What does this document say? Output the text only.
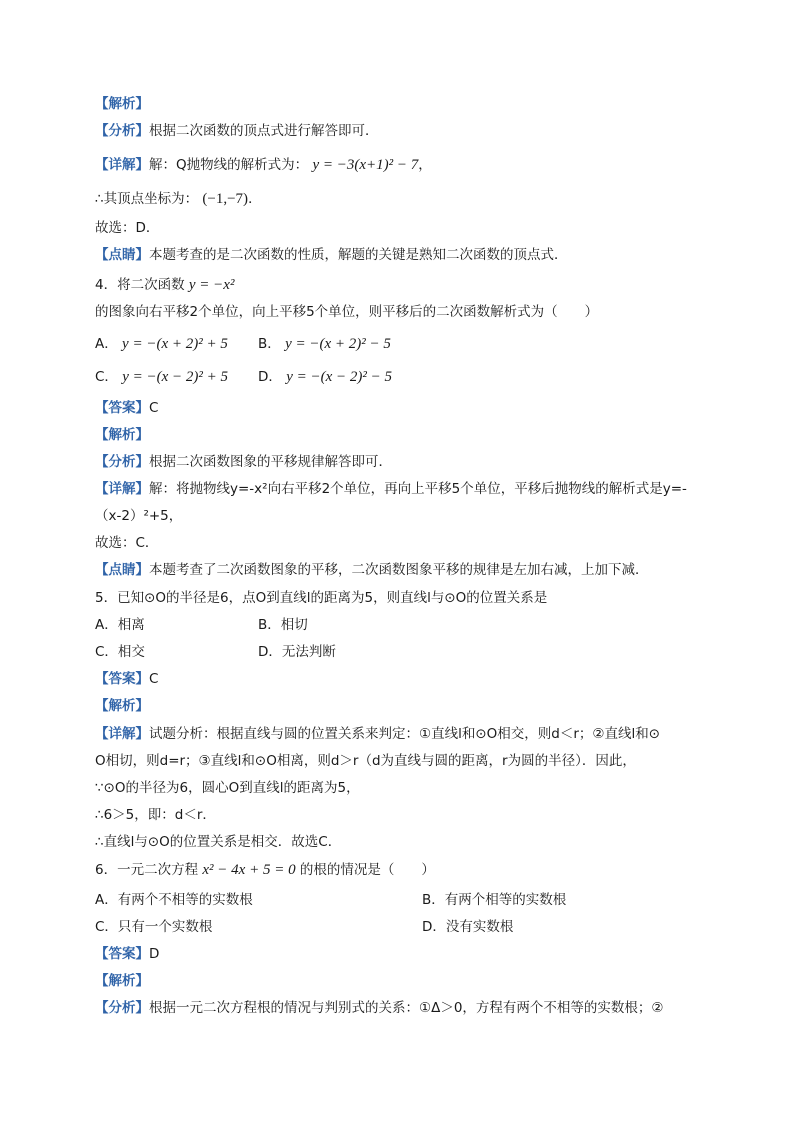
【解析】
【分析】根据二次函数的顶点式进行解答即可．
【详解】解：Q抛物线的解析式为： y = −3(x+1)² − 7，
∴其顶点坐标为： (−1,−7)．
故选：D．
【点睛】本题考查的是二次函数的性质，解题的关键是熟知二次函数的顶点式．
4．将二次函数 y = −x²
的图象向右平移2个单位，向上平移5个单位，则平移后的二次函数解析式为（　　）
A． y = −(x + 2)² + 5 B． y = −(x + 2)² − 5
C． y = −(x − 2)² + 5 D． y = −(x − 2)² − 5
【答案】C
【解析】
【分析】根据二次函数图象的平移规律解答即可．
【详解】解：将抛物线y=-x²向右平移2个单位，再向上平移5个单位，平移后抛物线的解析式是y=-
（x-2）²+5，
故选：C．
【点睛】本题考查了二次函数图象的平移，二次函数图象平移的规律是左加右减，上加下减．
5．已知⊙O的半径是6，点O到直线l的距离为5，则直线l与⊙O的位置关系是
A．相离	B．相切
C．相交	D．无法判断
【答案】C
【解析】
【详解】试题分析：根据直线与圆的位置关系来判定：①直线l和⊙O相交，则d＜r；②直线l和⊙
O相切，则d=r；③直线l和⊙O相离，则d＞r（d为直线与圆的距离，r为圆的半径）．因此，
∵⊙O的半径为6，圆心O到直线l的距离为5，
∴6＞5，即：d＜r．
∴直线l与⊙O的位置关系是相交．故选C．
6．一元二次方程 x² − 4x + 5 = 0 的根的情况是（　　）
A．有两个不相等的实数根	B．有两个相等的实数根
C．只有一个实数根	D．没有实数根
【答案】D
【解析】
【分析】根据一元二次方程根的情况与判别式的关系：①Δ＞0，方程有两个不相等的实数根；②
